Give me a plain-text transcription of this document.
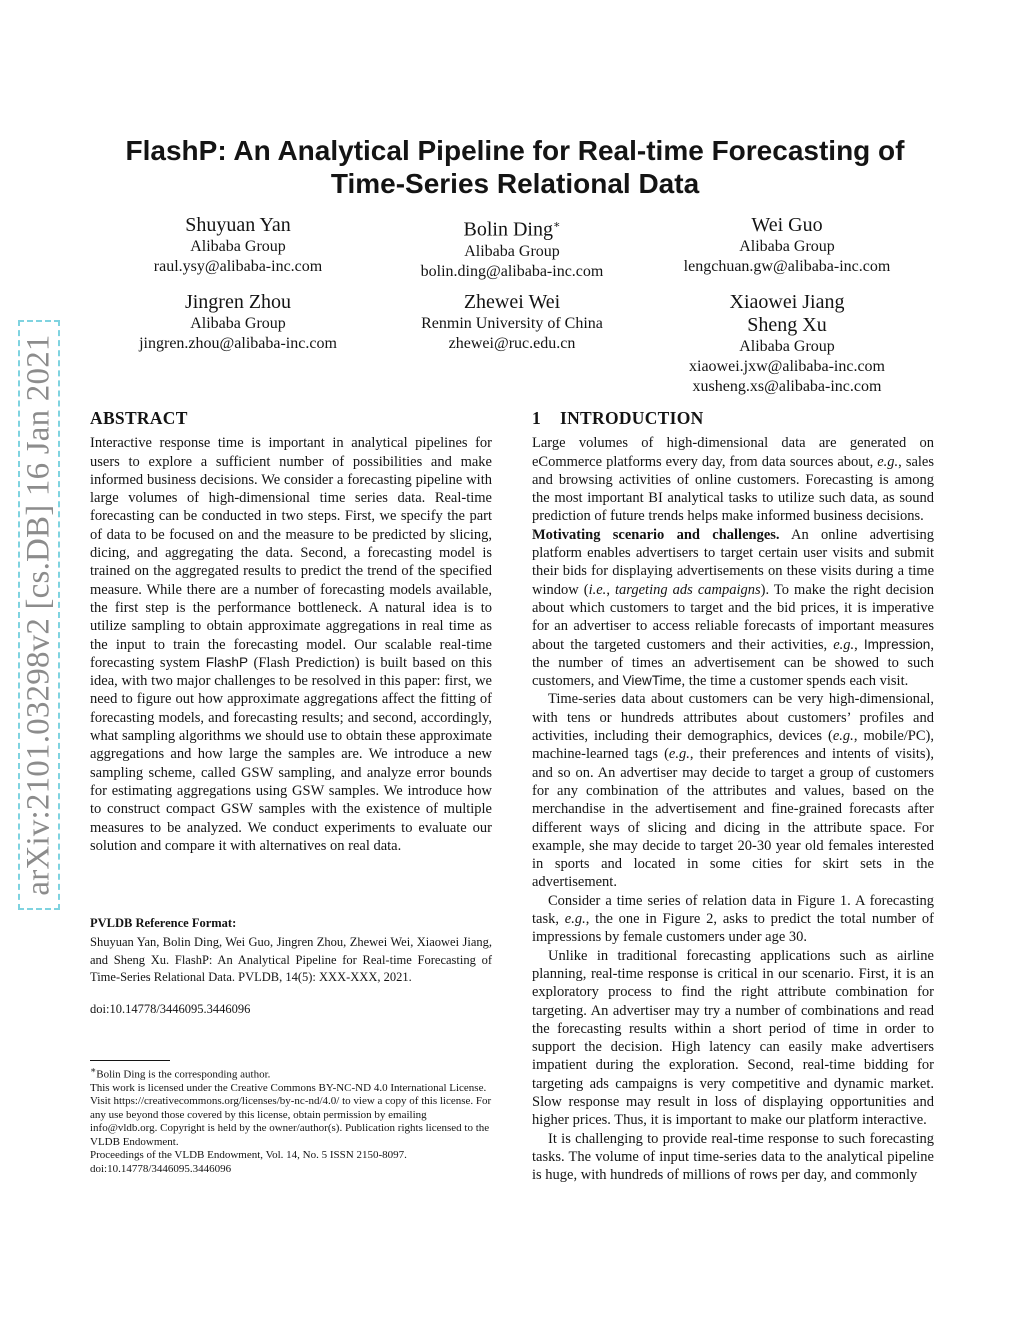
arXiv:2101.03298v2 [cs.DB] 16 Jan 2021
FlashP: An Analytical Pipeline for Real-time Forecasting of
Time-Series Relational Data
Shuyuan Yan
Alibaba Group
raul.ysy@alibaba-inc.com
Bolin Ding∗
Alibaba Group
bolin.ding@alibaba-inc.com
Wei Guo
Alibaba Group
lengchuan.gw@alibaba-inc.com
Jingren Zhou
Alibaba Group
jingren.zhou@alibaba-inc.com
Zhewei Wei
Renmin University of China
zhewei@ruc.edu.cn
Xiaowei Jiang
Sheng Xu
Alibaba Group
xiaowei.jxw@alibaba-inc.com
xusheng.xs@alibaba-inc.com
ABSTRACT

Interactive response time is important in analytical pipelines for users to explore a sufficient number of possibilities and make informed business decisions. We consider a forecasting pipeline with large volumes of high-dimensional time series data. Real-time forecasting can be conducted in two steps. First, we specify the part of data to be focused on and the measure to be predicted by slicing, dicing, and aggregating the data. Second, a forecasting model is trained on the aggregated results to predict the trend of the specified measure. While there are a number of forecasting models available, the first step is the performance bottleneck. A natural idea is to utilize sampling to obtain approximate aggregations in real time as the input to train the forecasting model. Our scalable real-time forecasting system FlashP (Flash Prediction) is built based on this idea, with two major challenges to be resolved in this paper: first, we need to figure out how approximate aggregations affect the fitting of forecasting models, and forecasting results; and second, accordingly, what sampling algorithms we should use to obtain these approximate aggregations and how large the samples are. We introduce a new sampling scheme, called GSW sampling, and analyze error bounds for estimating aggregations using GSW samples. We introduce how to construct compact GSW samples with the existence of multiple measures to be analyzed. We conduct experiments to evaluate our solution and compare it with alternatives on real data.

PVLDB Reference Format:
Shuyuan Yan, Bolin Ding, Wei Guo, Jingren Zhou, Zhewei Wei, Xiaowei Jiang, and Sheng Xu. FlashP: An Analytical Pipeline for Real-time Forecasting of Time-Series Relational Data. PVLDB, 14(5): XXX-XXX, 2021.
doi:10.14778/3446095.3446096

∗Bolin Ding is the corresponding author.

This work is licensed under the Creative Commons BY-NC-ND 4.0 International License. Visit https://creativecommons.org/licenses/by-nc-nd/4.0/ to view a copy of this license. For any use beyond those covered by this license, obtain permission by emailing info@vldb.org. Copyright is held by the owner/author(s). Publication rights licensed to the VLDB Endowment.

Proceedings of the VLDB Endowment, Vol. 14, No. 5 ISSN 2150-8097.

doi:10.14778/3446095.3446096

1 INTRODUCTION

Large volumes of high-dimensional data are generated on eCommerce platforms every day, from data sources about, e.g., sales and browsing activities of online customers. Forecasting is among the most important BI analytical tasks to utilize such data, as sound prediction of future trends helps make informed business decisions.

Motivating scenario and challenges. An online advertising platform enables advertisers to target certain user visits and submit their bids for displaying advertisements on these visits during a time window (i.e., targeting ads campaigns). To make the right decision about which customers to target and the bid prices, it is imperative for an advertiser to access reliable forecasts of important measures about the targeted customers and their activities, e.g., Impression, the number of times an advertisement can be showed to such customers, and ViewTime, the time a customer spends each visit.

Time-series data about customers can be very high-dimensional, with tens or hundreds attributes about customers’ profiles and activities, including their demographics, devices (e.g., mobile/PC), machine-learned tags (e.g., their preferences and intents of visits), and so on. An advertiser may decide to target a group of customers for any combination of the attributes and values, based on the merchandise in the advertisement and fine-grained forecasts after different ways of slicing and dicing in the attribute space. For example, she may decide to target 20-30 year old females interested in sports and located in some cities for skirt sets in the advertisement.

Consider a time series of relation data in Figure 1. A forecasting task, e.g., the one in Figure 2, asks to predict the total number of impressions by female customers under age 30.

Unlike in traditional forecasting applications such as airline planning, real-time response is critical in our scenario. First, it is an exploratory process to find the right attribute combination for targeting. An advertiser may try a number of combinations and read the forecasting results within a short period of time in order to support the decision. High latency can easily make advertisers impatient during the exploration. Second, real-time bidding for targeting ads campaigns is very competitive and dynamic market. Slow response may result in loss of displaying opportunities and higher prices. Thus, it is important to make our platform interactive.

It is challenging to provide real-time response to such forecasting tasks. The volume of input time-series data to the analytical pipeline is huge, with hundreds of millions of rows per day, and commonly
